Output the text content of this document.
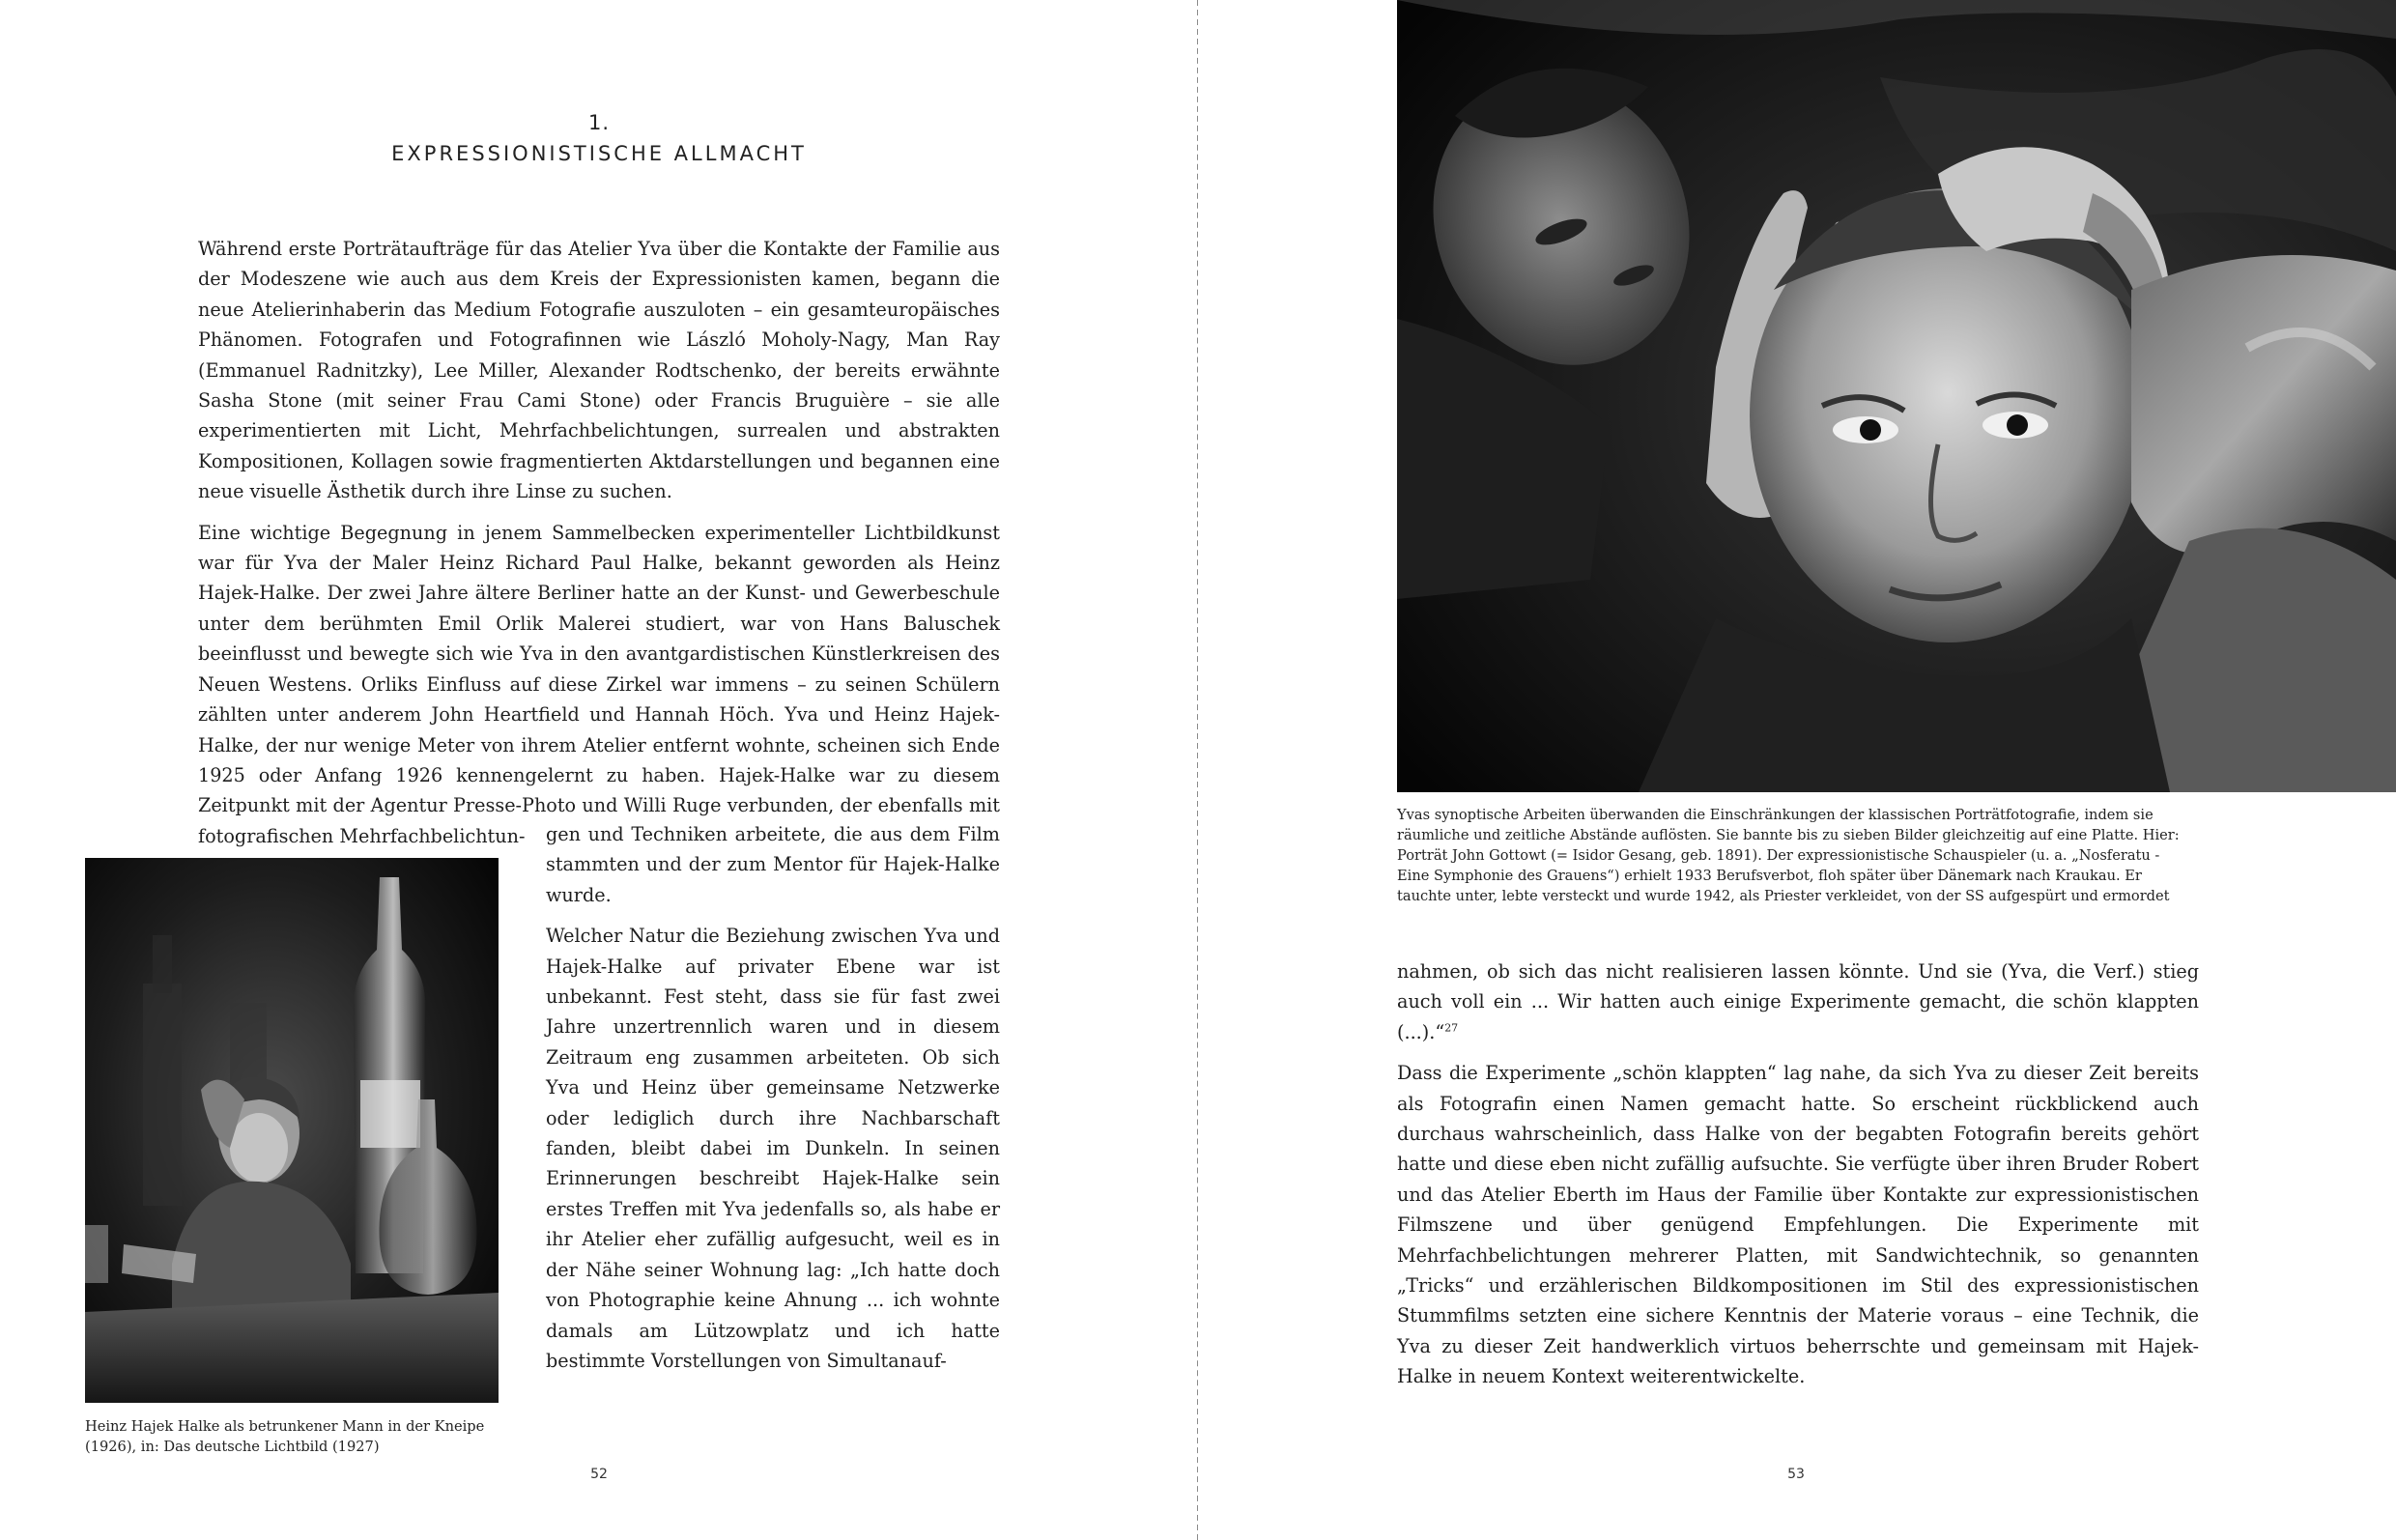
1.
EXPRESSIONISTISCHE ALLMACHT

Während erste Porträtaufträge für das Atelier Yva über die Kontakte der Familie aus der Modeszene wie auch aus dem Kreis der Expressionisten kamen, begann die neue Atelierinhaberin das Medium Fotografie auszuloten – ein gesamteuropäisches Phänomen. Fotografen und Fotografinnen wie László Moholy-Nagy, Man Ray (Emmanuel Radnitzky), Lee Miller, Alexander Rodtschenko, der bereits erwähnte Sasha Stone (mit seiner Frau Cami Stone) oder Francis Bruguière – sie alle experimentierten mit Licht, Mehrfachbelichtungen, surrealen und abstrakten Kompositionen, Kollagen sowie fragmentierten Aktdarstellungen und begannen eine neue visuelle Ästhetik durch ihre Linse zu suchen.

Eine wichtige Begegnung in jenem Sammelbecken experimenteller Lichtbildkunst war für Yva der Maler Heinz Richard Paul Halke, bekannt geworden als Heinz Hajek-Halke. Der zwei Jahre ältere Berliner hatte an der Kunst- und Gewerbeschule unter dem berühmten Emil Orlik Malerei studiert, war von Hans Baluschek beeinflusst und bewegte sich wie Yva in den avantgardistischen Künstlerkreisen des Neuen Westens. Orliks Einfluss auf diese Zirkel war immens – zu seinen Schülern zählten unter anderem John Heartfield und Hannah Höch. Yva und Heinz Hajek-Halke, der nur wenige Meter von ihrem Atelier entfernt wohnte, scheinen sich Ende 1925 oder Anfang 1926 kennengelernt zu haben. Hajek-Halke war zu diesem Zeitpunkt mit der Agentur Presse-Photo und Willi Ruge verbunden, der ebenfalls mit fotografischen Mehrfachbelichtun-	gen und Techniken arbeitete, die aus dem Film stammten und der zum Mentor für Hajek-Halke wurde.

Welcher Natur die Beziehung zwischen Yva und Hajek-Halke auf privater Ebene war ist unbekannt. Fest steht, dass sie für fast zwei Jahre unzertrennlich waren und in diesem Zeitraum eng zusammen arbeiteten. Ob sich Yva und Heinz über gemeinsame Netzwerke oder lediglich durch ihre Nachbarschaft fanden, bleibt dabei im Dunkeln. In seinen Erinnerungen beschreibt Hajek-Halke sein erstes Treffen mit Yva jedenfalls so, als habe er ihr Atelier eher zufällig aufgesucht, weil es in der Nähe seiner Wohnung lag: „Ich hatte doch von Photographie keine Ahnung ... ich wohnte damals am Lützowplatz und ich hatte bestimmte Vorstellungen von Simultanauf-

Heinz Hajek Halke als betrunkener Mann in der Kneipe (1926), in: Das deutsche Lichtbild (1927)

52

Yvas synoptische Arbeiten überwanden die Einschränkungen der klassischen Porträtfotografie, indem sie räumliche und zeitliche Abstände auflösten. Sie bannte bis zu sieben Bilder gleichzeitig auf eine Platte. Hier: Porträt John Gottowt (= Isidor Gesang, geb. 1891). Der expressionistische Schauspieler (u. a. „Nosferatu - Eine Symphonie des Grauens“) erhielt 1933 Berufsverbot, floh später über Dänemark nach Kraukau. Er tauchte unter, lebte versteckt und wurde 1942, als Priester verkleidet, von der SS aufgespürt und ermordet

nahmen, ob sich das nicht realisieren lassen könnte. Und sie (Yva, die Verf.) stieg auch voll ein ... Wir hatten auch einige Experimente gemacht, die schön klappten (...).“$^{27}$

Dass die Experimente „schön klappten“ lag nahe, da sich Yva zu dieser Zeit bereits als Fotografin einen Namen gemacht hatte. So erscheint rückblickend auch durchaus wahrscheinlich, dass Halke von der begabten Fotografin bereits gehört hatte und diese eben nicht zufällig aufsuchte. Sie verfügte über ihren Bruder Robert und das Atelier Eberth im Haus der Familie über Kontakte zur expressionistischen Filmszene und über genügend Empfehlungen. Die Experimente mit Mehrfachbelichtungen mehrerer Platten, mit Sandwichtechnik, so genannten „Tricks“ und erzählerischen Bildkompositionen im Stil des expressionistischen Stummfilms setzten eine sichere Kenntnis der Materie voraus – eine Technik, die Yva zu dieser Zeit handwerklich virtuos beherrschte und gemeinsam mit Hajek-Halke in neuem Kontext weiterentwickelte.

53
